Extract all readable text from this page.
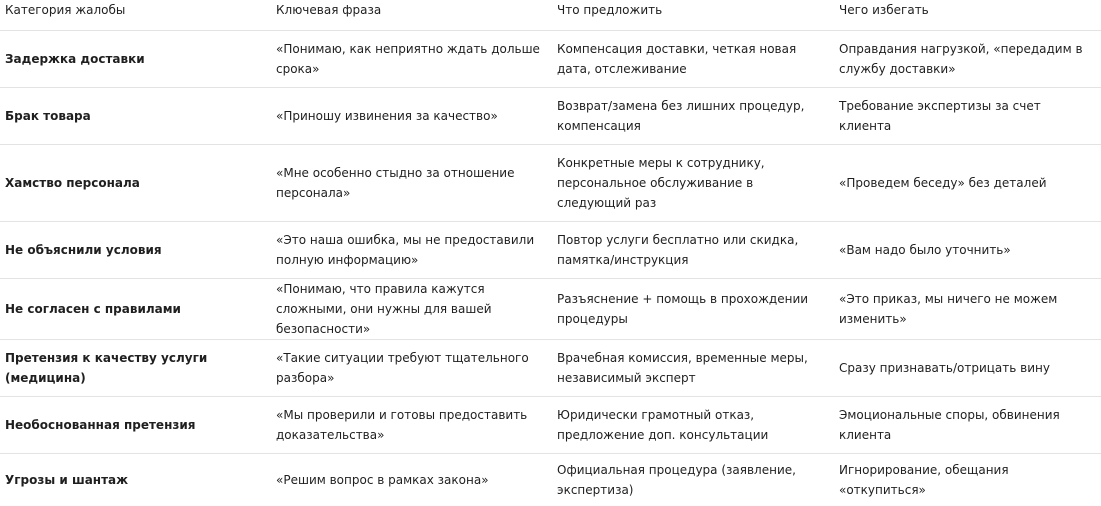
Категория жалобы	Ключевая фраза	Что предложить	Чего избегать
Задержка доставки	«Понимаю, как неприятно ждать дольше срока»	Компенсация доставки, четкая новая дата, отслеживание	Оправдания нагрузкой, «передадим в службу доставки»
Брак товара	«Приношу извинения за качество»	Возврат/замена без лишних процедур, компенсация	Требование экспертизы за счет клиента
Хамство персонала	«Мне особенно стыдно за отношение персонала»	Конкретные меры к сотруднику, персональное обслуживание в следующий раз	«Проведем беседу» без деталей
Не объяснили условия	«Это наша ошибка, мы не предоставили полную информацию»	Повтор услуги бесплатно или скидка, памятка/инструкция	«Вам надо было уточнить»
Не согласен с правилами	«Понимаю, что правила кажутся сложными, они нужны для вашей безопасности»	Разъяснение + помощь в прохождении процедуры	«Это приказ, мы ничего не можем изменить»
Претензия к качеству услуги (медицина)	«Такие ситуации требуют тщательного разбора»	Врачебная комиссия, временные меры, независимый эксперт	Сразу признавать/отрицать вину
Необоснованная претензия	«Мы проверили и готовы предоставить доказательства»	Юридически грамотный отказ, предложение доп. консультации	Эмоциональные споры, обвинения клиента
Угрозы и шантаж	«Решим вопрос в рамках закона»	Официальная процедура (заявление, экспертиза)	Игнорирование, обещания «откупиться»
